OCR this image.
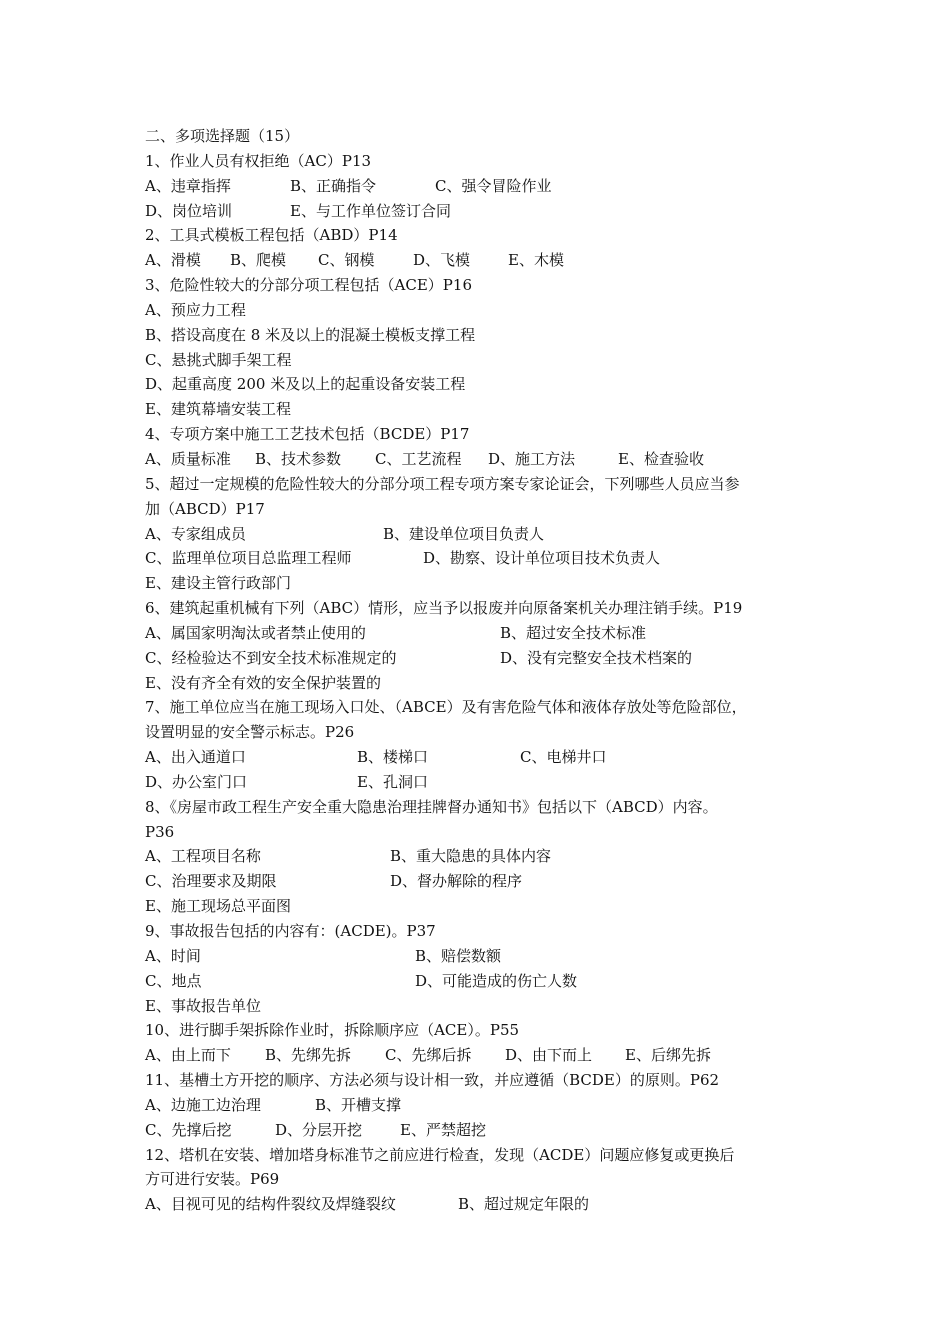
二、多项选择题（15）
1、作业人员有权拒绝（AC）P13
A、违章指挥	B、正确指令	C、强令冒险作业
D、岗位培训	E、与工作单位签订合同
2、工具式模板工程包括（ABD）P14
A、滑模 B、爬模 C、钢模	D、飞模	E、木模
3、危险性较大的分部分项工程包括（ACE）P16
A、预应力工程
B、搭设高度在 8 米及以上的混凝土模板支撑工程
C、悬挑式脚手架工程
D、起重高度 200 米及以上的起重设备安装工程
E、建筑幕墙安装工程
4、专项方案中施工工艺技术包括（BCDE）P17
A、质量标准 B、技术参数 C、工艺流程 D、施工方法	E、检查验收
5、超过一定规模的危险性较大的分部分项工程专项方案专家论证会，下列哪些人员应当参
加（ABCD）P17
A、专家组成员	B、建设单位项目负责人
C、监理单位项目总监理工程师	D、勘察、设计单位项目技术负责人
E、建设主管行政部门
6、建筑起重机械有下列（ABC）情形，应当予以报废并向原备案机关办理注销手续。P19
A、属国家明淘汰或者禁止使用的	B、超过安全技术标准
C、经检验达不到安全技术标准规定的	D、没有完整安全技术档案的
E、没有齐全有效的安全保护装置的
7、施工单位应当在施工现场入口处、（ABCE）及有害危险气体和液体存放处等危险部位，
设置明显的安全警示标志。P26
A、出入通道口	B、楼梯口	C、电梯井口
D、办公室门口	E、孔洞口
8、《房屋市政工程生产安全重大隐患治理挂牌督办通知书》包括以下（ABCD）内容。
P36
A、工程项目名称	B、重大隐患的具体内容
C、治理要求及期限	D、督办解除的程序
E、施工现场总平面图
9、事故报告包括的内容有：(ACDE)。P37
A、时间	B、赔偿数额
C、地点	D、可能造成的伤亡人数
E、事故报告单位
10、进行脚手架拆除作业时，拆除顺序应（ACE）。P55
A、由上而下 B、先绑先拆 C、先绑后拆 D、由下而上 E、后绑先拆
11、基槽土方开挖的顺序、方法必须与设计相一致，并应遵循（BCDE）的原则。P62
A、边施工边治理	B、开槽支撑
C、先撑后挖	D、分层开挖	E、严禁超挖
12、塔机在安装、增加塔身标准节之前应进行检查，发现（ACDE）问题应修复或更换后
方可进行安装。P69
A、目视可见的结构件裂纹及焊缝裂纹	B、超过规定年限的
